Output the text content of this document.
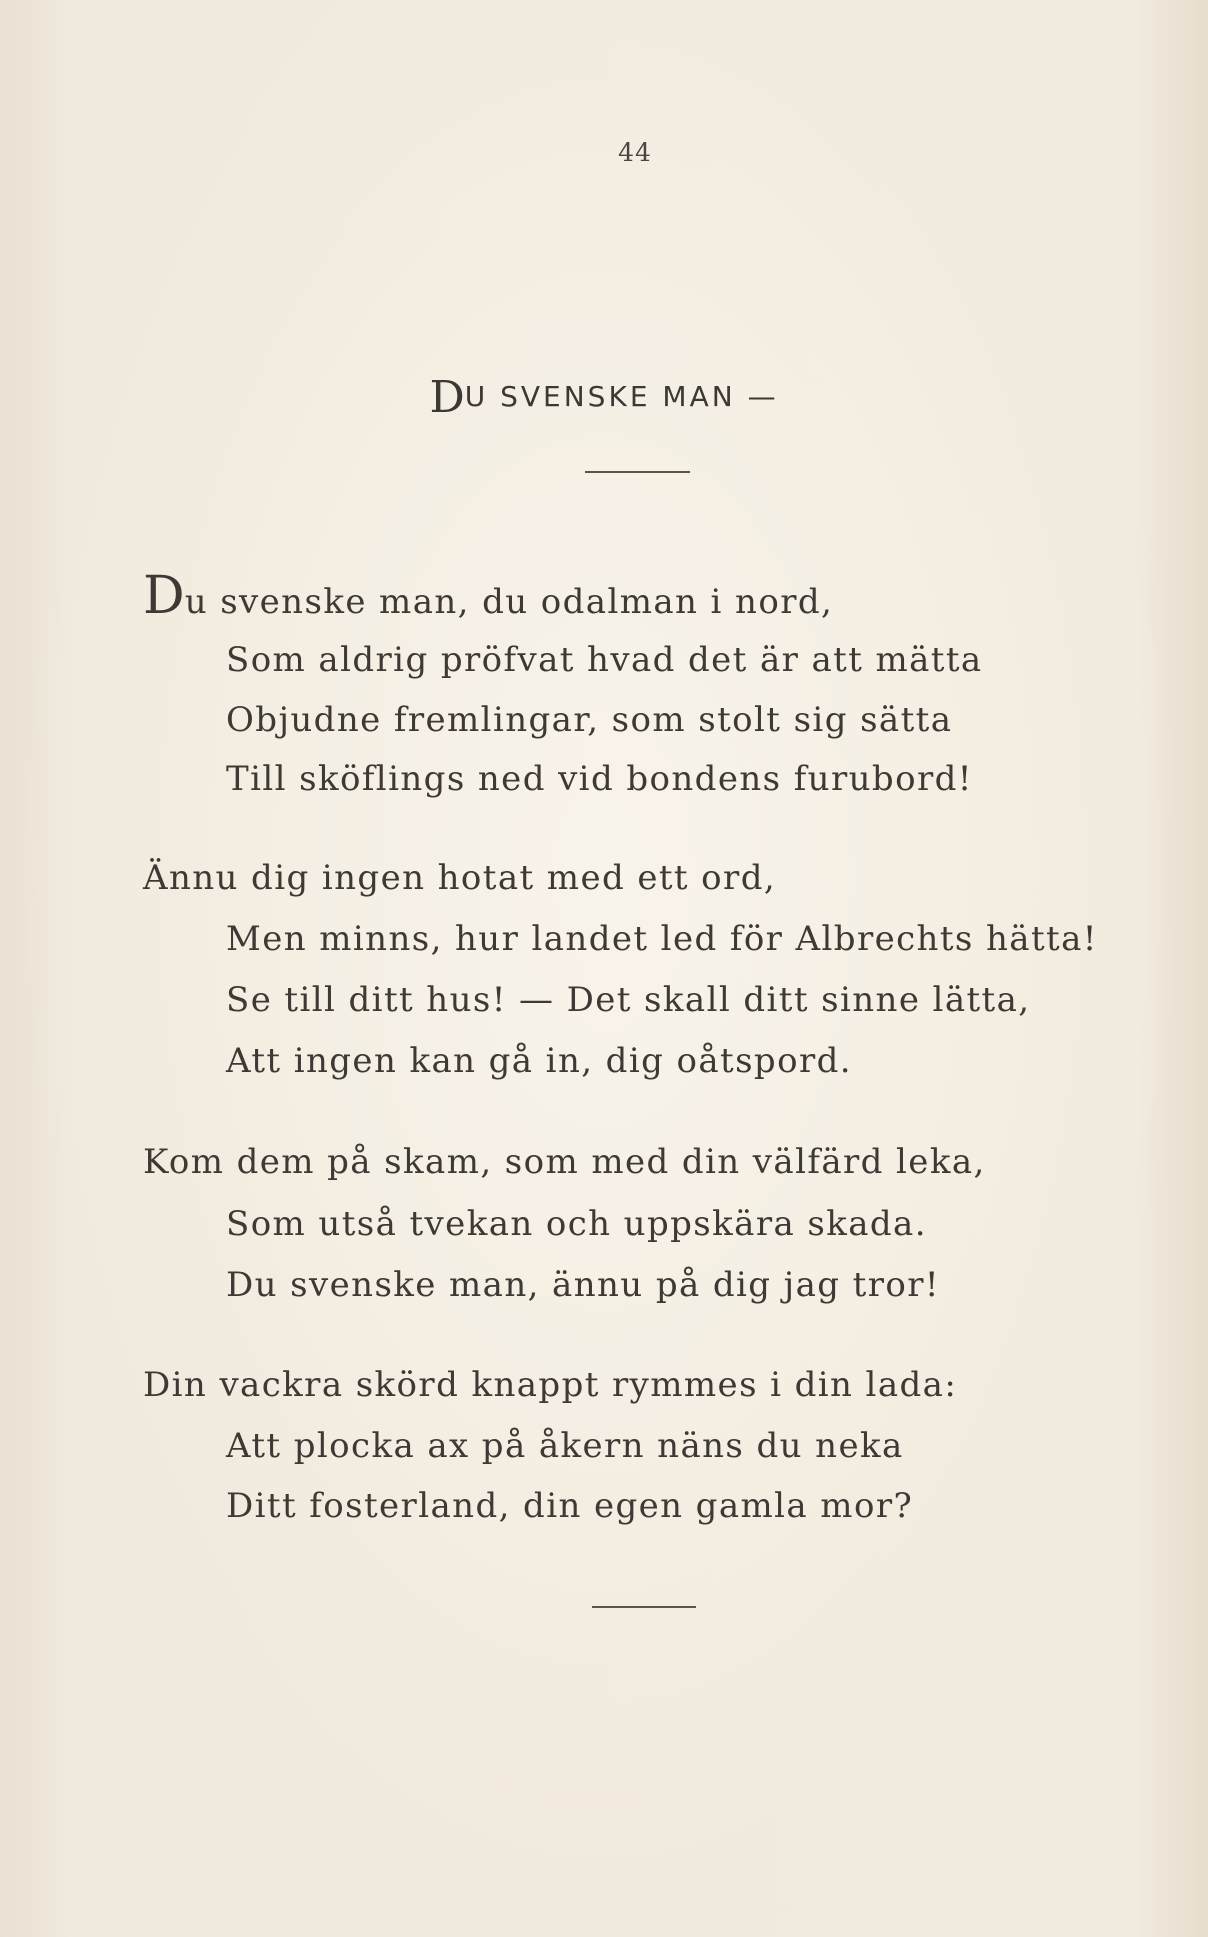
44
DU SVENSKE MAN —
Du svenske man, du odalman i nord,
Som aldrig pröfvat hvad det är att mätta
Objudne fremlingar, som stolt sig sätta
Till sköflings ned vid bondens furubord!
Ännu dig ingen hotat med ett ord,
Men minns, hur landet led för Albrechts hätta!
Se till ditt hus! — Det skall ditt sinne lätta,
Att ingen kan gå in, dig oåtspord.
Kom dem på skam, som med din välfärd leka,
Som utså tvekan och uppskära skada.
Du svenske man, ännu på dig jag tror!
Din vackra skörd knappt rymmes i din lada:
Att plocka ax på åkern näns du neka
Ditt fosterland, din egen gamla mor?
